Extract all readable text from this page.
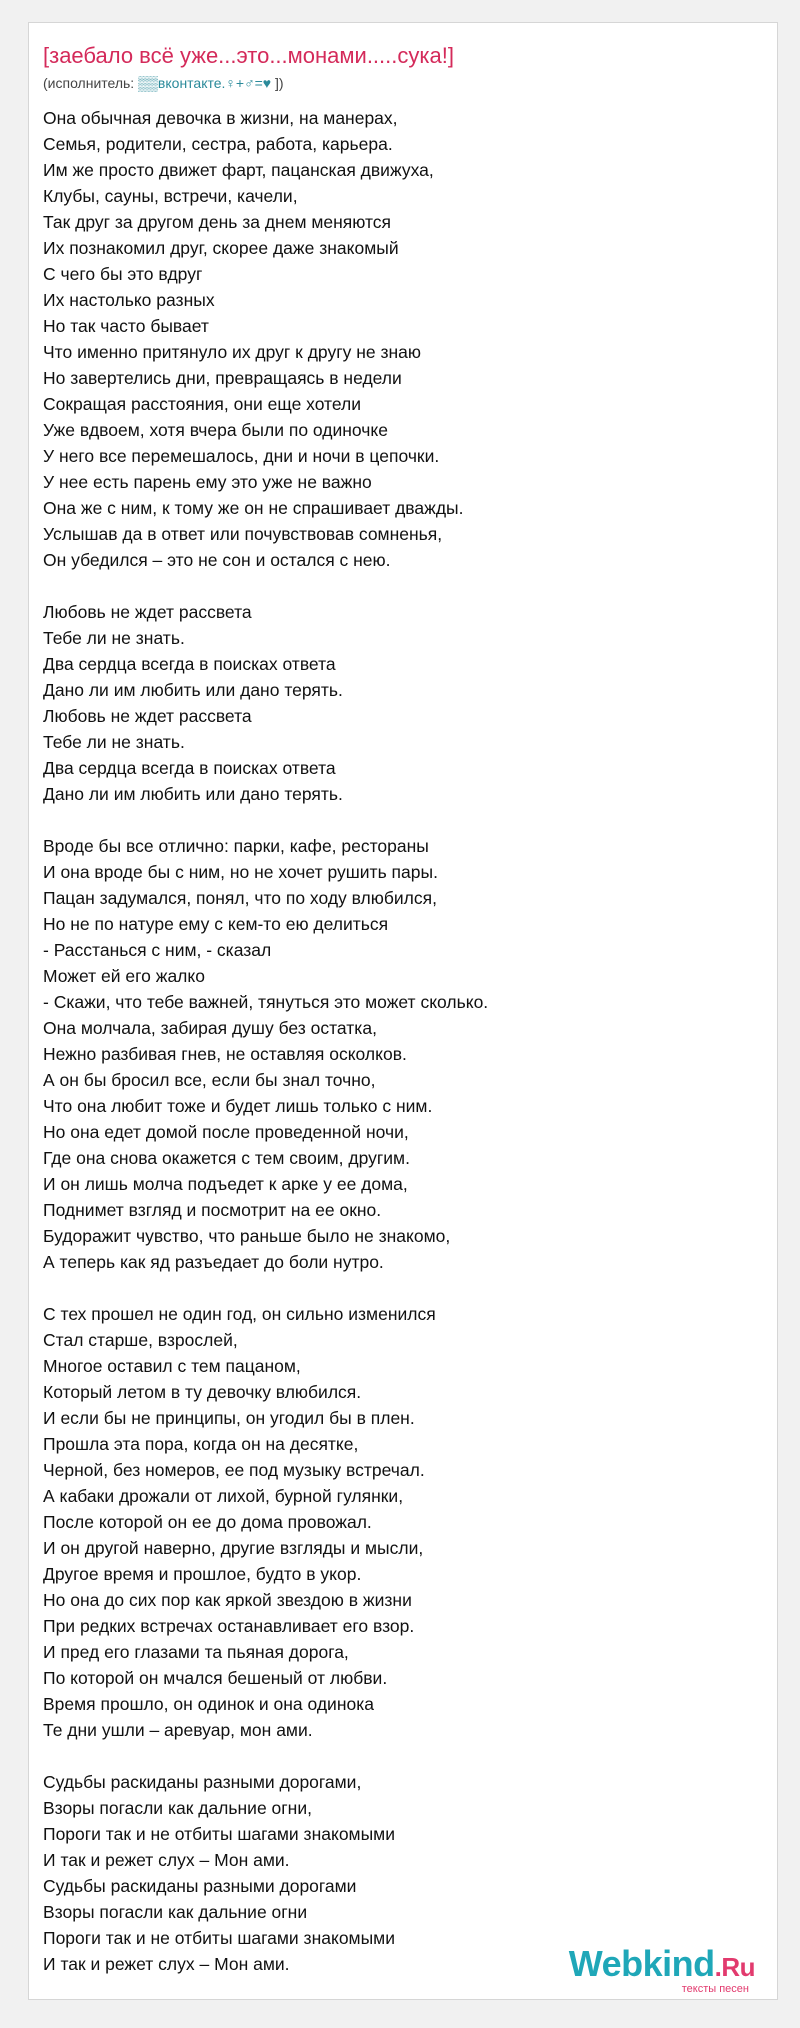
[заебало всё уже...это...монами.....сука!]
(исполнитель: ▒▒вконтакте.♀+♂=♥ ])
Она обычная девочка в жизни, на манерах,
Семья, родители, сестра, работа, карьера.
Им же просто движет фарт, пацанская движуха,
Клубы, сауны, встречи, качели,
Так друг за другом день за днем меняются
Их познакомил друг, скорее даже знакомый
С чего бы это вдруг
Их настолько разных
Но так часто бывает
Что именно притянуло их друг к другу не знаю
Но завертелись дни, превращаясь в недели
Сокращая расстояния, они еще хотели
Уже вдвоем, хотя вчера были по одиночке
У него все перемешалось, дни и ночи в цепочки.
У нее есть парень ему это уже не важно
Она же с ним, к тому же он не спрашивает дважды.
Услышав да в ответ или почувствовав сомненья,
Он убедился – это не сон и остался с нею.
Любовь не ждет рассвета
Тебе ли не знать.
Два сердца всегда в поисках ответа
Дано ли им любить или дано терять.
Любовь не ждет рассвета
Тебе ли не знать.
Два сердца всегда в поисках ответа
Дано ли им любить или дано терять.
Вроде бы все отлично: парки, кафе, рестораны
И она вроде бы с ним, но не хочет рушить пары.
Пацан задумался, понял, что по ходу влюбился,
Но не по натуре ему с кем-то ею делиться
- Расстанься с ним, - сказал
Может ей его жалко
- Скажи, что тебе важней, тянуться это может сколько.
Она молчала, забирая душу без остатка,
Нежно разбивая гнев, не оставляя осколков.
А он бы бросил все, если бы знал точно,
Что она любит тоже и будет лишь только с ним.
Но она едет домой после проведенной ночи,
Где она снова окажется с тем своим, другим.
И он лишь молча подъедет к арке у ее дома,
Поднимет взгляд и посмотрит на ее окно.
Будоражит чувство, что раньше было не знакомо,
А теперь как яд разъедает до боли нутро.
С тех прошел не один год, он сильно изменился
Стал старше, взрослей,
Многое оставил с тем пацаном,
Который летом в ту девочку влюбился.
И если бы не принципы, он угодил бы в плен.
Прошла эта пора, когда он на десятке,
Черной, без номеров, ее под музыку встречал.
А кабаки дрожали от лихой, бурной гулянки,
После которой он ее до дома провожал.
И он другой наверно, другие взгляды и мысли,
Другое время и прошлое, будто в укор.
Но она до сих пор как яркой звездою в жизни
При редких встречах останавливает его взор.
И пред его глазами та пьяная дорога,
По которой он мчался бешеный от любви.
Время прошло, он одинок и она одинока
Те дни ушли – аревуар, мон ами.
Судьбы раскиданы разными дорогами,
Взоры погасли как дальние огни,
Пороги так и не отбиты шагами знакомыми
И так и режет слух – Мон ами.
Судьбы раскиданы разными дорогами
Взоры погасли как дальние огни
Пороги так и не отбиты шагами знакомыми
И так и режет слух – Мон ами.	Webkind.Ru
тексты песен
